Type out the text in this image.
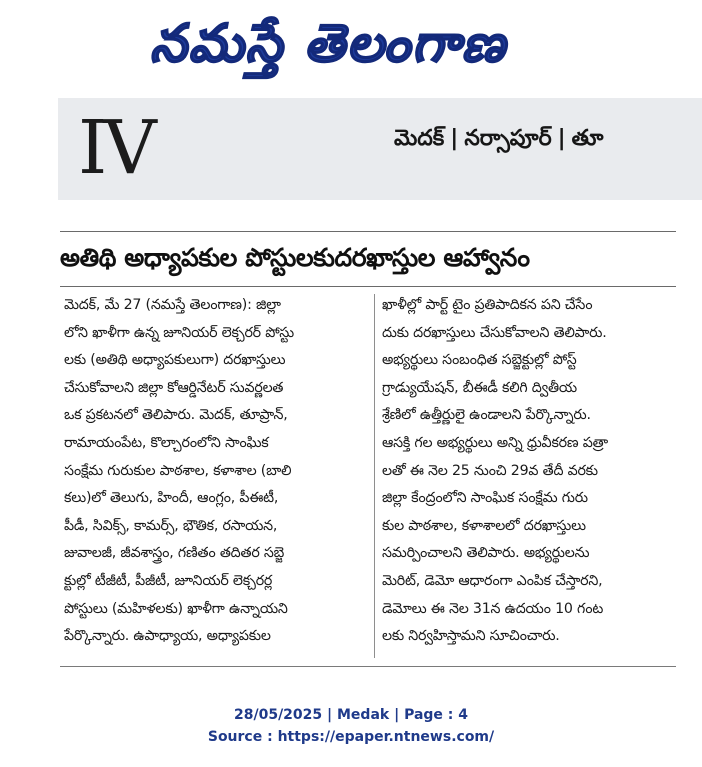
నమస్తే తెలంగాణ
IV	మెదక్ | నర్సాపూర్ | తూ
అతిథి అధ్యాపకుల పోస్టులకుదరఖాస్తుల ఆహ్వానం
మెదక్, మే 27 (నమస్తే తెలంగాణ): జిల్లా
లోని ఖాళీగా ఉన్న జూనియర్ లెక్చరర్ పోస్టు
లకు (అతిథి అధ్యాపకులుగా) దరఖాస్తులు
చేసుకోవాలని జిల్లా కోఆర్డినేటర్ సువర్ణలత
ఒక ప్రకటనలో తెలిపారు. మెదక్, తూప్రాన్,
రామాయంపేట, కొల్చారంలోని సాంఘిక
సంక్షేమ గురుకుల పాఠశాల, కళాశాల (బాలి
కలు)లో తెలుగు, హిందీ, ఆంగ్లం, పీఈటీ,
పీడీ, సివిక్స్, కామర్స్, భౌతిక, రసాయన,
జువాలజీ, జీవశాస్త్రం, గణితం తదితర సబ్జె
క్టుల్లో టీజీటీ, పీజీటీ, జూనియర్ లెక్చరర్ల
పోస్టులు (మహిళలకు) ఖాళీగా ఉన్నాయని
పేర్కొన్నారు. ఉపాధ్యాయ, అధ్యాపకుల
ఖాళీల్లో పార్ట్ టైం ప్రతిపాదికన పని చేసేం
దుకు దరఖాస్తులు చేసుకోవాలని తెలిపారు.
అభ్యర్థులు సంబంధిత సబ్జెక్టుల్లో పోస్ట్
గ్రాడ్యుయేషన్, బీఈడీ కలిగి ద్వితీయ
శ్రేణిలో ఉత్తీర్ణులై ఉండాలని పేర్కొన్నారు.
ఆసక్తి గల అభ్యర్థులు అన్ని ధ్రువీకరణ పత్రా
లతో ఈ నెల 25 నుంచి 29వ తేదీ వరకు
జిల్లా కేంద్రంలోని సాంఘిక సంక్షేమ గురు
కుల పాఠశాల, కళాశాలలో దరఖాస్తులు
సమర్పించాలని తెలిపారు. అభ్యర్థులను
మెరిట్, డెమో ఆధారంగా ఎంపిక చేస్తారని,
డెమోలు ఈ నెల 31న ఉదయం 10 గంట
లకు నిర్వహిస్తామని సూచించారు.
28/05/2025 | Medak | Page : 4
Source : https://epaper.ntnews.com/
